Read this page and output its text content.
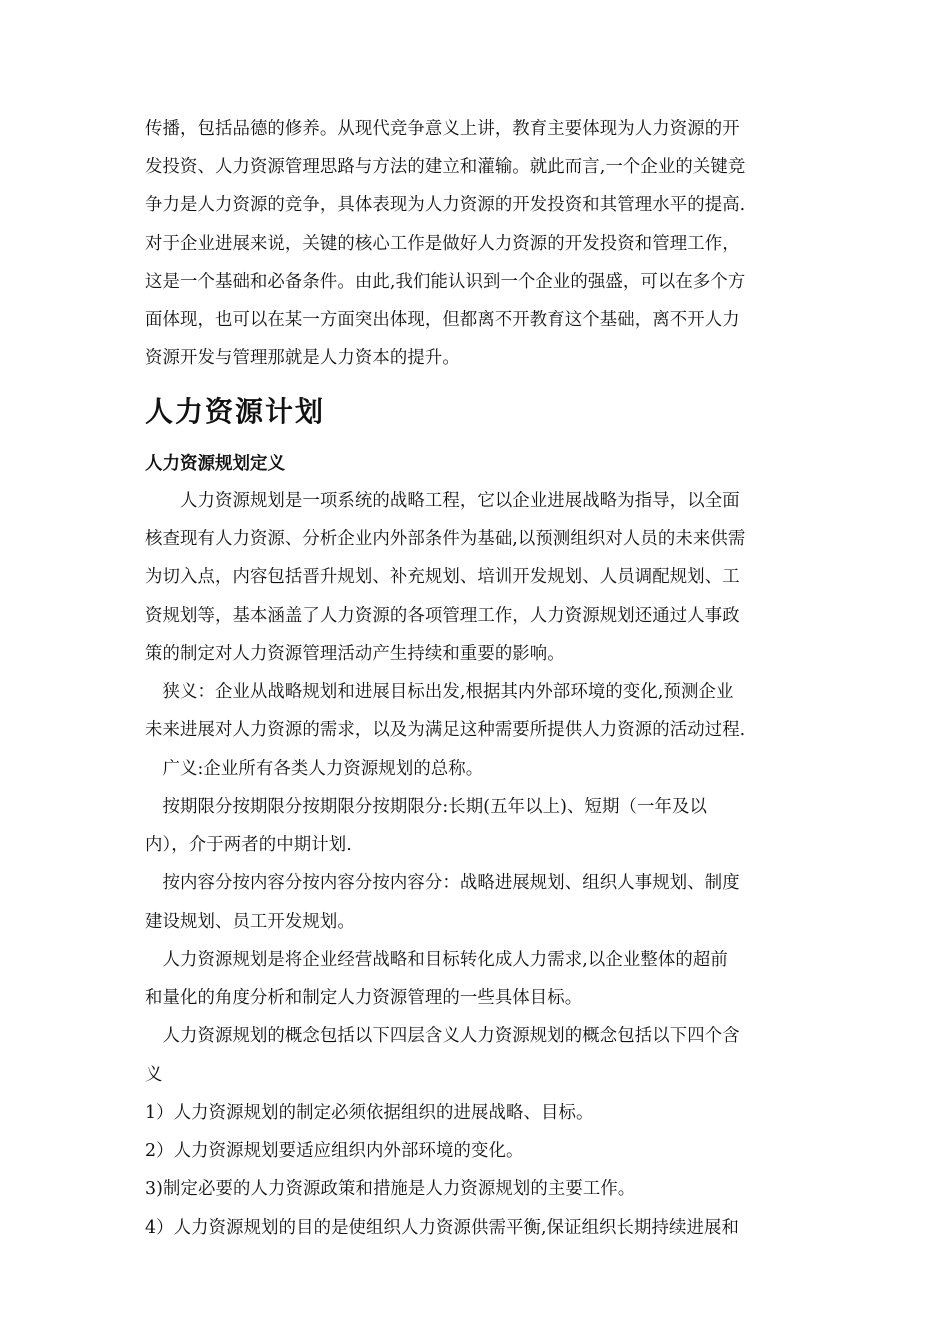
传播，包括品德的修养。从现代竞争意义上讲，教育主要体现为人力资源的开
发投资、人力资源管理思路与方法的建立和灌输。就此而言,一个企业的关键竞
争力是人力资源的竞争，具体表现为人力资源的开发投资和其管理水平的提高.
对于企业进展来说，关键的核心工作是做好人力资源的开发投资和管理工作，
这是一个基础和必备条件。由此,我们能认识到一个企业的强盛，可以在多个方
面体现，也可以在某一方面突出体现，但都离不开教育这个基础，离不开人力
资源开发与管理那就是人力资本的提升。
人力资源计划
人力资源规划定义
　　人力资源规划是一项系统的战略工程，它以企业进展战略为指导，以全面
核查现有人力资源、分析企业内外部条件为基础,以预测组织对人员的未来供需
为切入点，内容包括晋升规划、补充规划、培训开发规划、人员调配规划、工
资规划等，基本涵盖了人力资源的各项管理工作，人力资源规划还通过人事政
策的制定对人力资源管理活动产生持续和重要的影响。
　狭义：企业从战略规划和进展目标出发,根据其内外部环境的变化,预测企业
未来进展对人力资源的需求，以及为满足这种需要所提供人力资源的活动过程.
　广义:企业所有各类人力资源规划的总称。
　按期限分按期限分按期限分按期限分:长期(五年以上)、短期（一年及以
内），介于两者的中期计划.
　按内容分按内容分按内容分按内容分：战略进展规划、组织人事规划、制度
建设规划、员工开发规划。
　人力资源规划是将企业经营战略和目标转化成人力需求,以企业整体的超前
和量化的角度分析和制定人力资源管理的一些具体目标。
　人力资源规划的概念包括以下四层含义人力资源规划的概念包括以下四个含
义
1）人力资源规划的制定必须依据组织的进展战略、目标。
2）人力资源规划要适应组织内外部环境的变化。
3)制定必要的人力资源政策和措施是人力资源规划的主要工作。
4）人力资源规划的目的是使组织人力资源供需平衡,保证组织长期持续进展和
